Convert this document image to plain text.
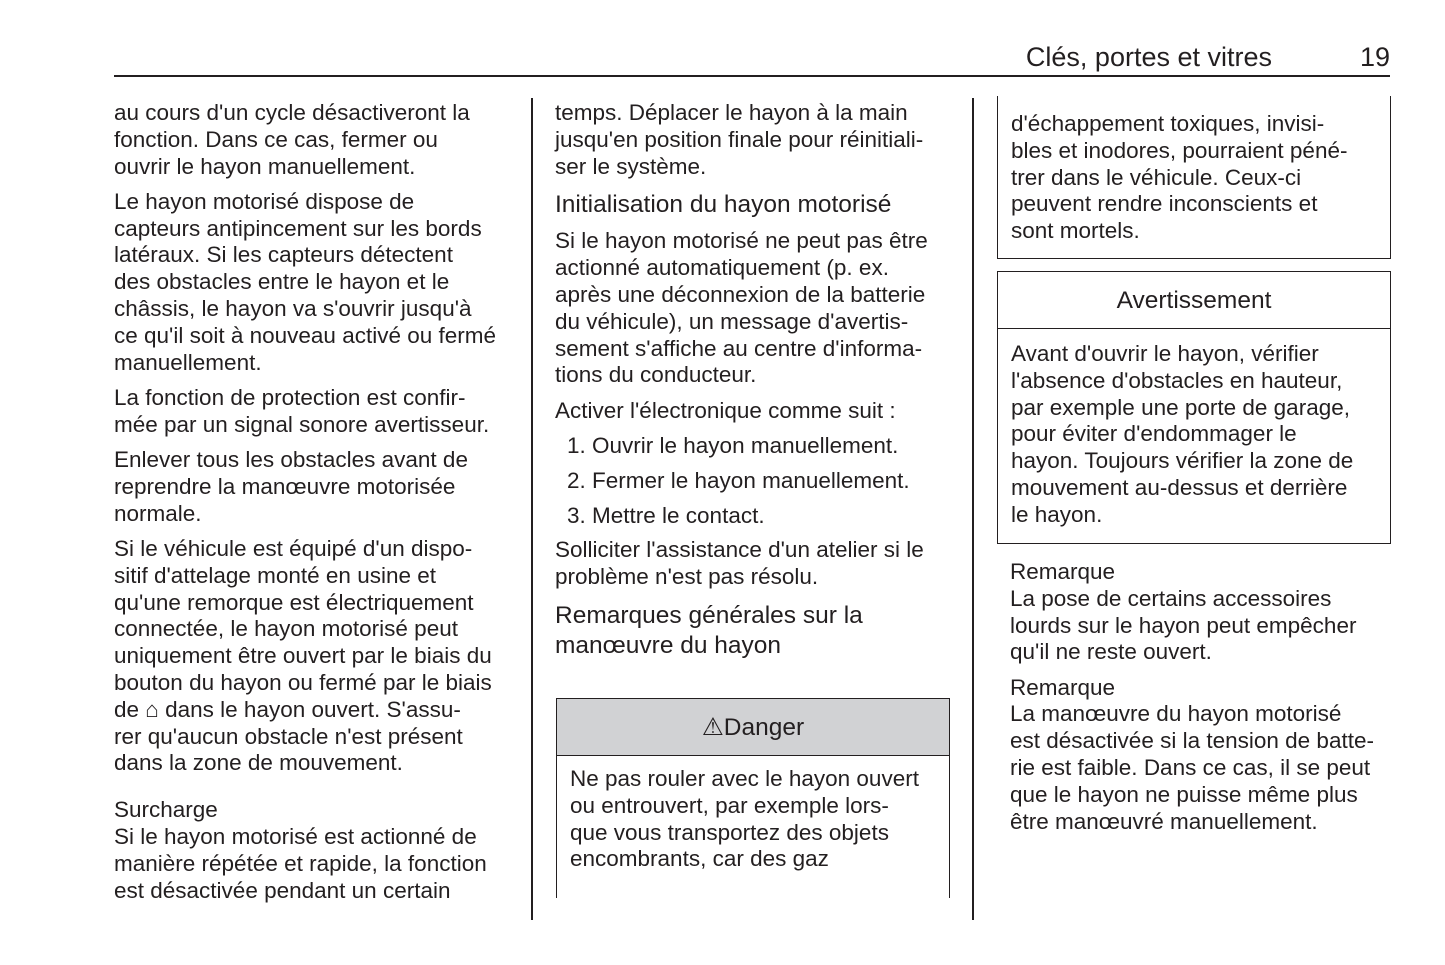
Clés, portes et vitres	19
au cours d'un cycle désactiveront la
fonction. Dans ce cas, fermer ou
ouvrir le hayon manuellement.
Le hayon motorisé dispose de
capteurs antipincement sur les bords
latéraux. Si les capteurs détectent
des obstacles entre le hayon et le
châssis, le hayon va s'ouvrir jusqu'à
ce qu'il soit à nouveau activé ou fermé
manuellement.
La fonction de protection est confir-
mée par un signal sonore avertisseur.
Enlever tous les obstacles avant de
reprendre la manœuvre motorisée
normale.
Si le véhicule est équipé d'un dispo-
sitif d'attelage monté en usine et
qu'une remorque est électriquement
connectée, le hayon motorisé peut
uniquement être ouvert par le biais du
bouton du hayon ou fermé par le biais
de ⌂ dans le hayon ouvert. S'assu-
rer qu'aucun obstacle n'est présent
dans la zone de mouvement.
Surcharge
Si le hayon motorisé est actionné de
manière répétée et rapide, la fonction
est désactivée pendant un certain
temps. Déplacer le hayon à la main
jusqu'en position finale pour réinitiali-
ser le système.
Initialisation du hayon motorisé
Si le hayon motorisé ne peut pas être
actionné automatiquement (p. ex.
après une déconnexion de la batterie
du véhicule), un message d'avertis-
sement s'affiche au centre d'informa-
tions du conducteur.
Activer l'électronique comme suit :
1. Ouvrir le hayon manuellement.
2. Fermer le hayon manuellement.
3. Mettre le contact.
Solliciter l'assistance d'un atelier si le
problème n'est pas résolu.
Remarques générales sur la
manœuvre du hayon
⚠Danger
Ne pas rouler avec le hayon ouvert
ou entrouvert, par exemple lors-
que vous transportez des objets
encombrants, car des gaz
d'échappement toxiques, invisi-
bles et inodores, pourraient péné-
trer dans le véhicule. Ceux-ci
peuvent rendre inconscients et
sont mortels.
Avertissement
Avant d'ouvrir le hayon, vérifier
l'absence d'obstacles en hauteur,
par exemple une porte de garage,
pour éviter d'endommager le
hayon. Toujours vérifier la zone de
mouvement au-dessus et derrière
le hayon.
Remarque
La pose de certains accessoires
lourds sur le hayon peut empêcher
qu'il ne reste ouvert.
Remarque
La manœuvre du hayon motorisé
est désactivée si la tension de batte-
rie est faible. Dans ce cas, il se peut
que le hayon ne puisse même plus
être manœuvré manuellement.
